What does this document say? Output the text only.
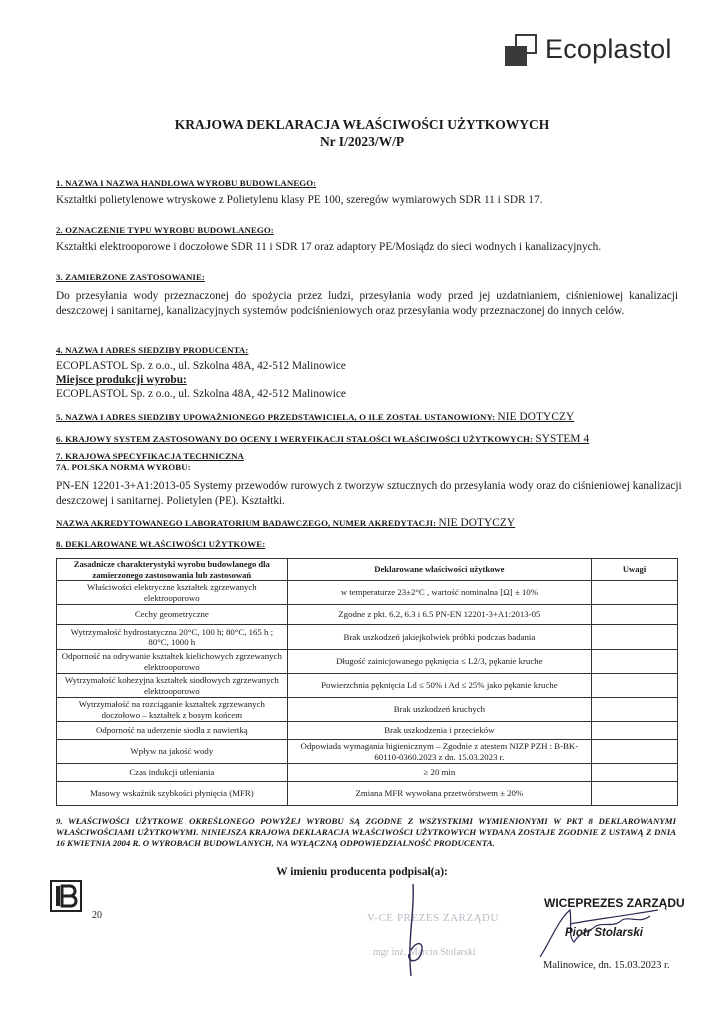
Ecoplastol
KRAJOWA DEKLARACJA WŁAŚCIWOŚCI UŻYTKOWYCH
Nr I/2023/W/P
1. NAZWA I NAZWA HANDLOWA WYROBU BUDOWLANEGO:
Kształtki polietylenowe wtryskowe z Polietylenu klasy PE 100, szeregów wymiarowych SDR 11 i SDR 17.
2. OZNACZENIE TYPU WYROBU BUDOWLANEGO:
Kształtki elektrooporowe i doczołowe SDR 11 i SDR 17 oraz adaptory PE/Mosiądz do sieci wodnych i kanalizacyjnych.
3. ZAMIERZONE ZASTOSOWANIE:
Do przesyłania wody przeznaczonej do spożycia przez ludzi, przesyłania wody przed jej uzdatnianiem, ciśnieniowej kanalizacji deszczowej i sanitarnej, kanalizacyjnych systemów podciśnieniowych oraz przesyłania wody przeznaczonej do innych celów.
4. NAZWA I ADRES SIEDZIBY PRODUCENTA:
ECOPLASTOL Sp. z o.o., ul. Szkolna 48A, 42-512 Malinowice
Miejsce produkcji wyrobu:
ECOPLASTOL Sp. z o.o., ul. Szkolna 48A, 42-512 Malinowice
5. NAZWA I ADRES SIEDZIBY UPOWAŻNIONEGO PRZEDSTAWICIELA, O ILE ZOSTAŁ USTANOWIONY: NIE DOTYCZY
6. KRAJOWY SYSTEM ZASTOSOWANY DO OCENY I WERYFIKACJI STAŁOŚCI WŁAŚCIWOŚCI UŻYTKOWYCH: SYSTEM 4
7. KRAJOWA SPECYFIKACJA TECHNICZNA
7A. POLSKA NORMA WYROBU:
PN-EN 12201-3+A1:2013-05 Systemy przewodów rurowych z tworzyw sztucznych do przesyłania wody oraz do ciśnieniowej kanalizacji deszczowej i sanitarnej. Polietylen (PE). Kształtki.
NAZWA AKREDYTOWANEGO LABORATORIUM BADAWCZEGO, NUMER AKREDYTACJI: NIE DOTYCZY
8. DEKLAROWANE WŁAŚCIWOŚCI UŻYTKOWE:
Zasadnicze charakterystyki wyrobu budowlanego dla zamierzonego zastosowania lub zastosowań	Deklarowane właściwości użytkowe	Uwagi
Właściwości elektryczne kształtek zgrzewanych elektrooporowo	w temperaturze 23±2°C , wartość nominalna [Ω] ± 10%	
Cechy geometryczne	Zgodne z pkt. 6.2, 6.3 i 6.5 PN-EN 12201-3+A1:2013-05	
Wytrzymałość hydrostatyczna 20°C, 100 h; 80°C, 165 h ; 80°C, 1000 h	Brak uszkodzeń jakiejkolwiek próbki podczas badania	
Odporność na odrywanie kształtek kielichowych zgrzewanych elektrooporowo	Długość zainicjowanego pęknięcia ≤ L2/3, pękanie kruche	
Wytrzymałość kohezyjna kształtek siodłowych zgrzewanych elektrooporowo	Powierzchnia pęknięcia Ld ≤ 50% i Ad ≤ 25% jako pękanie kruche	
Wytrzymałość na rozciąganie kształtek zgrzewanych doczołowo – kształtek z bosym końcem	Brak uszkodzeń kruchych	
Odporność na uderzenie siodła z nawiertką	Brak uszkodzenia i przecieków	
Wpływ na jakość wody	Odpowiada wymagania higienicznym – Zgodnie z atestem NIZP PZH : B-BK-60110-0360.2023 z dn. 15.03.2023 r.	
Czas indukcji utleniania	≥ 20 min	
Masowy wskaźnik szybkości płynięcia (MFR)	Zmiana MFR wywołana przetwórstwem ± 20%	
9. WŁAŚCIWOŚCI UŻYTKOWE OKREŚLONEGO POWYŻEJ WYROBU SĄ ZGODNE Z WSZYSTKIMI WYMIENIONYMI W PKT 8 DEKLAROWANYMI WŁAŚCIWOŚCIAMI UŻYTKOWYMI. NINIEJSZA KRAJOWA DEKLARACJA WŁAŚCIWOŚCI UŻYTKOWYCH WYDANA ZOSTAJE ZGODNIE Z USTAWĄ Z DNIA 16 KWIETNIA 2004 R. O WYROBACH BUDOWLANYCH, NA WYŁĄCZNĄ ODPOWIEDZIALNOŚĆ PRODUCENTA.
W imieniu producenta podpisał(a):
20	V-CE PREZES ZARZĄDU
mgr inż. Marcin Stolarski
WICEPREZES ZARZĄDU
Piotr Stolarski
Malinowice, dn. 15.03.2023 r.
